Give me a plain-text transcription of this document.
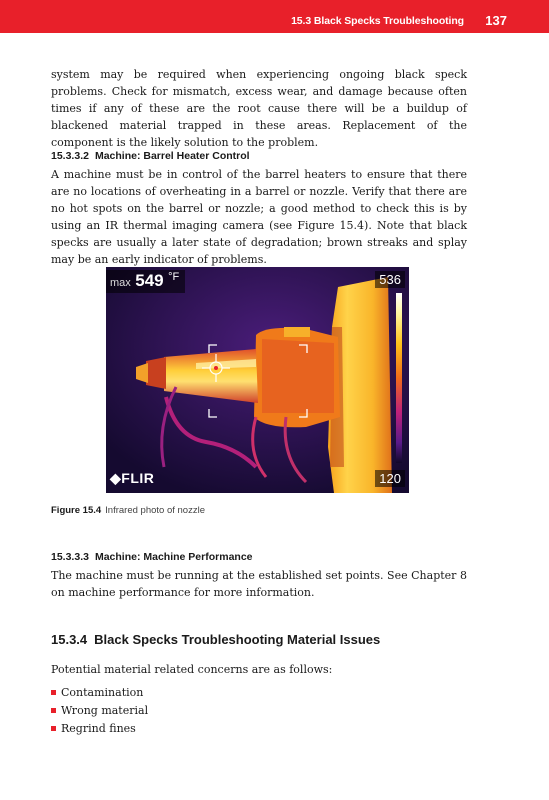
15.3 Black Specks Troubleshooting 137

system may be required when experiencing ongoing black speck problems. Check for mismatch, excess wear, and damage because often times if any of these are the root cause there will be a buildup of blackened material trapped in these areas. Replacement of the component is the likely solution to the problem.

15.3.3.2 Machine: Barrel Heater Control

A machine must be in control of the barrel heaters to ensure that there are no locations of overheating in a barrel or nozzle. Verify that there are no hot spots on the barrel or nozzle; a good method to check this is by using an IR thermal imaging camera (see Figure 15.4). Note that black specks are usually a later state of degradation; brown streaks and splay may be an early indicator of problems.

max 549 $^{^\circ F}$	536
120
◆FLIR
Figure 15.4 Infrared photo of nozzle
15.3.3.3 Machine: Machine Performance

The machine must be running at the established set points. See Chapter 8 on machine performance for more information.

15.3.4 Black Specks Troubleshooting Material Issues

Potential material related concerns are as follows:

Contamination
Wrong material
Regrind fines
